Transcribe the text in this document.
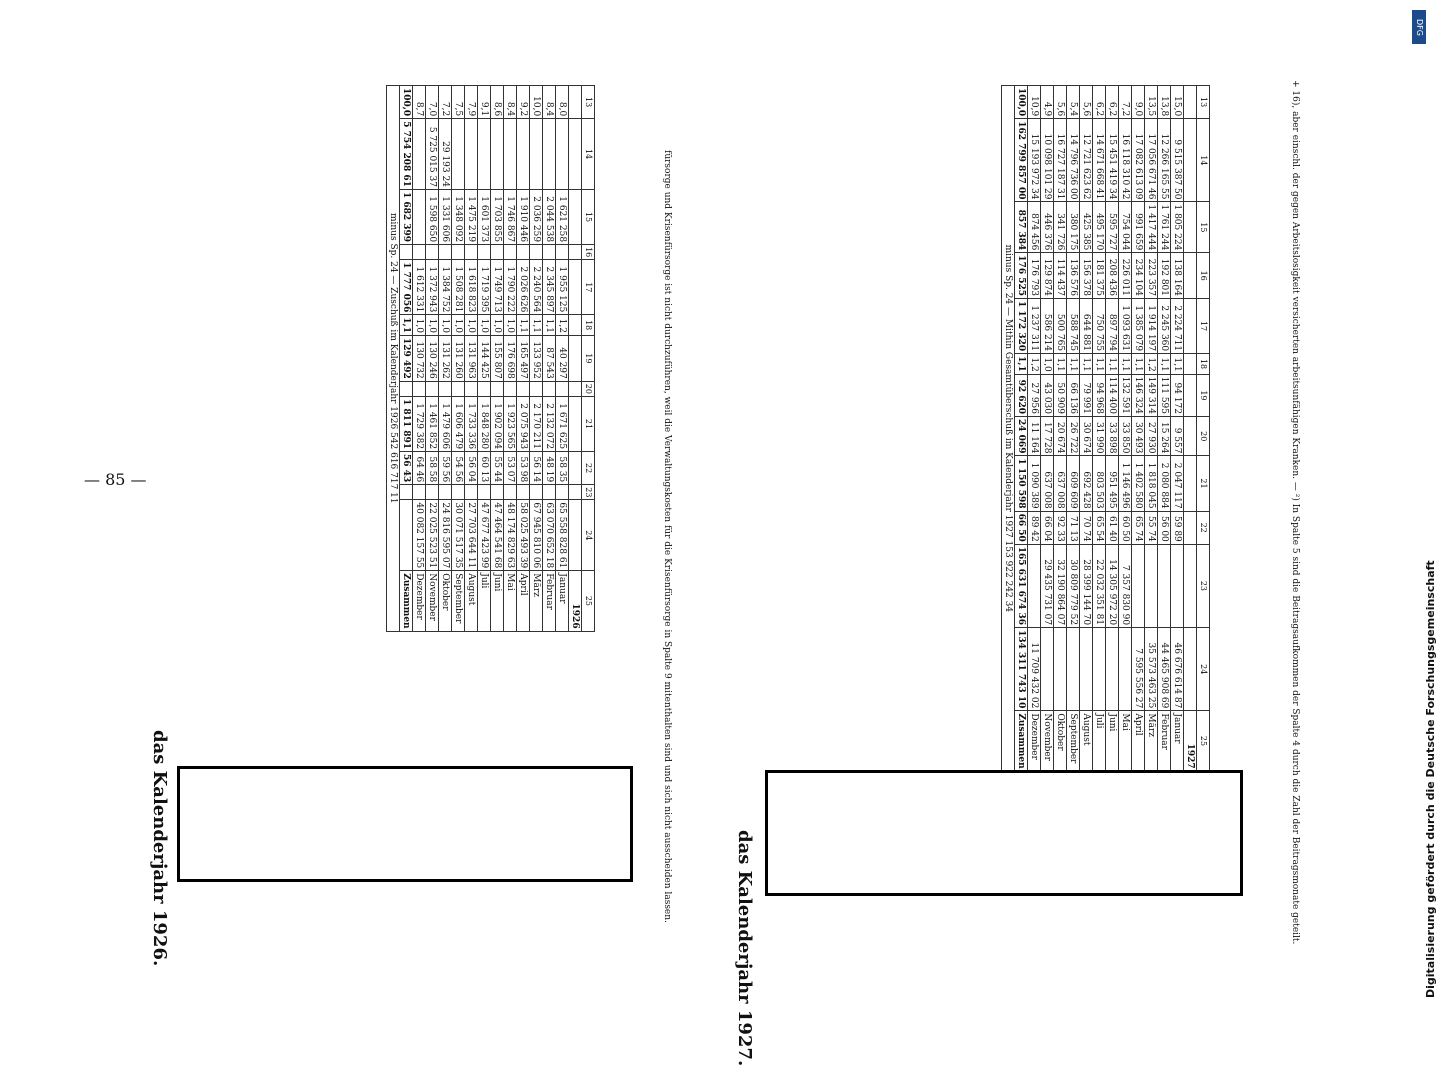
— 85 —
DFG
Digitalisierung gefördert durch die Deutsche Forschungsgemeinschaft
das Kalenderjahr 1926.	das Kalenderjahr 1927.
13	14	15	16	17	18	19	20	21	22	23	24	25
												1926
8,0		1 621 258		1 955 125	1,2	40 297		1 671 625	58 35		65 558 828 61	Januar
8,4		2 044 538		2 345 897	1,1	87 543		2 132 072	48 19		63 070 652 18	Februar
10,0		2 036 259		2 240 564	1,1	133 952		2 170 211	56 14		67 945 810 06	März
9,2		1 910 446		2 026 626	1,1	165 497		2 075 943	53 98		58 025 493 39	April
8,4		1 746 867		1 790 222	1,0	176 698		1 923 565	53 07		48 174 829 63	Mai
8,6		1 703 855		1 749 713	1,0	155 807		1 902 094	55 44		47 464 541 68	Juni
9,1		1 601 373		1 719 395	1,0	144 425		1 848 280	60 13		47 677 423 99	Juli
7,9		1 475 219		1 618 823	1,0	131 963		1 733 336	56 04		27 703 644 11	August
7,5		1 348 092		1 508 281	1,0	131 260		1 606 479	54 56		30 071 517 35	September
7,2	29 193 24	1 331 606		1 384 752	1,0	131 262		1 479 606	59 56		24 816 595 07	Oktober
7,0	5 725 015 37	1 598 650		1 372 943	1,0	130 246		1 461 852	58 58		22 025 523 51	November
8,7				1 612 331	1,0	130 732		1 729 382	64 46		40 082 157 55	Dezember
100,0	5 754 208 61	1 682 399		1 777 056	1,1	129 492		1 811 891	56 43			Zusammen
minus Sp. 24 — Zuschuß im Kalenderjahr 1926 542 616 717 11												
13	14	15	16	17	18	19	20	21	22	23	24	25
												1927
15,0	9 515 387 50	1 805 224	138 164	2 224 711	1,1	94 172	9 557	2 047 117	59 89		46 676 614 87	Januar
13,8	12 266 165 55	1 761 244	192 801	2 245 360	1,1	111 595	15 264	2 080 884	56 00		44 465 908 69	Februar
13,5	17 056 671 46	1 417 444	223 357	1 914 197	1,2	149 314	27 930	1 818 045	55 74		35 573 463 25	März
9,0	17 082 613 09	991 659	234 104	1 385 079	1,1	146 324	30 493	1 402 580	65 74		7 595 556 27	April
7,2	16 118 310 42	754 044	226 011	1 093 631	1,1	132 591	33 850	1 146 496	60 50	7 357 830 90		Mai
6,2	15 451 419 34	595 727	208 436	897 794	1,1	114 400	33 898	951 495	61 40	14 305 972 20		Juni
6,2	14 671 668 41	495 170	181 375	750 755	1,1	94 968	31 990	803 503	65 54	22 032 351 81		Juli
5,6	12 721 623 62	425 385	156 378	644 881	1,1	79 991	30 674	692 428	70 74	28 399 144 70		August
5,4	14 796 736 00	380 175	136 576	588 745	1,1	66 136	26 722	609 609	71 13	30 809 779 52		September
5,6	16 727 187 31	341 726	114 437	500 765	1,1	50 909	20 674	637 008	92 33	32 190 864 07		Oktober
4,9	10 098 101 29	446 376	129 874	586 214	1,0	43 030	17 728	637 008	66 04	29 435 731 07		November
10,9	15 193 972 34	874 456	176 793	1 237 311	1,2	27 956	11 164	1 090 389	89 42		11 709 432 02	Dezember
100,0	162 799 857 00	857 384	176 525	1 172 320	1,1	92 620	24 069	1 150 598	66 50	165 631 674 36	134 311 743 10	Zusammen
minus Sp. 24 — Mithin Gesamtüberschuß im Kalenderjahr 1927 153 922 242 34												
fürsorge und Krisenfürsorge ist nicht durchzuführen, weil die Verwaltungskosten für die Krisenfürsorge in Spalte 9 mitenthalten sind und sich nicht ausscheiden lassen.	+ 16), aber einschl. der gegen Arbeitslosigkeit versicherten arbeitsunfähigen Kranken. — ²) In Spalte 5 sind die Beitragsaufkommen der Spalte 4 durch die Zahl der Beitragsmonate geteilt.
